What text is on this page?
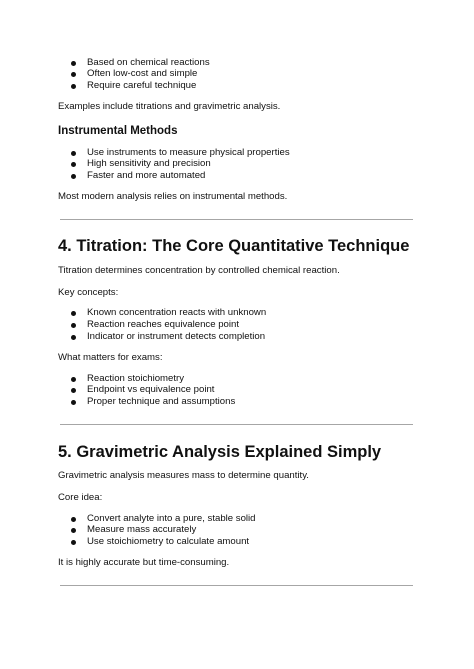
Based on chemical reactions
Often low-cost and simple
Require careful technique
Examples include titrations and gravimetric analysis.
Instrumental Methods
Use instruments to measure physical properties
High sensitivity and precision
Faster and more automated
Most modern analysis relies on instrumental methods.
4. Titration: The Core Quantitative Technique
Titration determines concentration by controlled chemical reaction.
Key concepts:
Known concentration reacts with unknown
Reaction reaches equivalence point
Indicator or instrument detects completion
What matters for exams:
Reaction stoichiometry
Endpoint vs equivalence point
Proper technique and assumptions
5. Gravimetric Analysis Explained Simply
Gravimetric analysis measures mass to determine quantity.
Core idea:
Convert analyte into a pure, stable solid
Measure mass accurately
Use stoichiometry to calculate amount
It is highly accurate but time-consuming.
